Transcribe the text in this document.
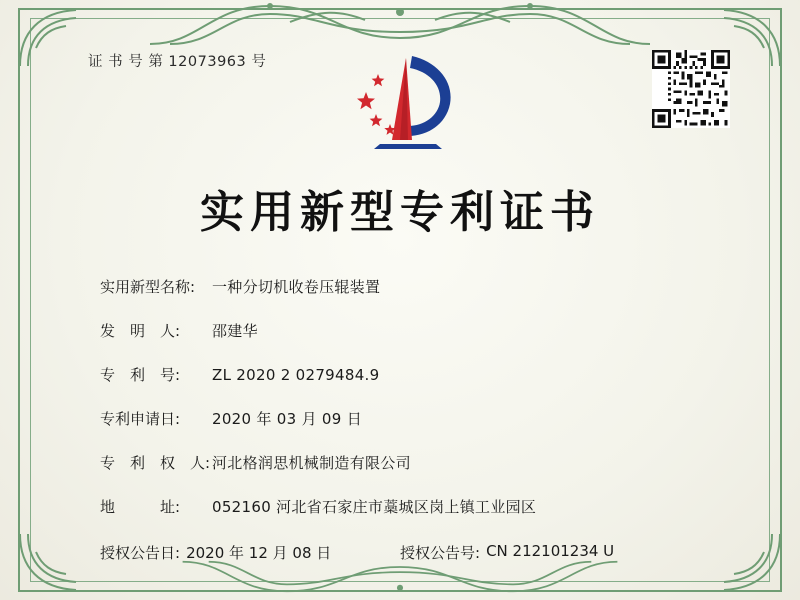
证 书 号 第 12073963 号
实用新型专利证书
实用新型名称:	一种分切机收卷压辊装置
发　明　人:	邵建华
专　利　号:	ZL 2020 2 0279484.9
专利申请日:	2020 年 03 月 09 日
专　利　权　人: 河北格润思机械制造有限公司
地　　　址:	052160 河北省石家庄市藁城区岗上镇工业园区
授权公告日: 2020 年 12 月 08 日	授权公告号: CN 212101234 U
